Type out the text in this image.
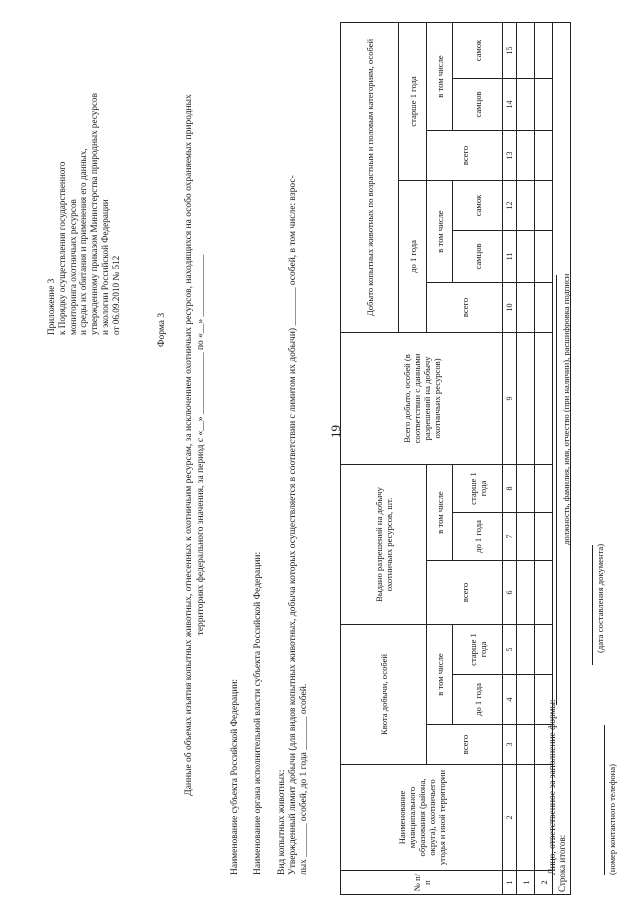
19
Приложение 3 к Порядку осуществления государственного мониторинга охотничьих ресурсов и среды их обитания и применения его данных, утвержденному приказом Министерства природных ресурсов и экологии Российской Федерации от 06.09.2010 № 512	Форма 3 Данные об объемах изъятия копытных животных, отнесенных к охотничьим ресурсам, за исключением охотничьих ресурсов, находящихся на особо охраняемых природных территориях федерального значения, за период с «__» _____________ по «__» _____________
Наименование субъекта Российской Федерации: Наименование органа исполнительной власти субъекта Российской Федерации: Вид копытных животных: Утвержденный лимит добычи (для видов копытных животных, добыча которых осуществляется в соответствии с лимитом их добычи) ________ особей, в том числе: взрос- лых _______ особей, до 1 года _______ особей.
№ п/п	Наименование муниципального образования (района, округа), охотничьего угодья и иной территории	Квота добычи, особей			Выдано разрешений на добычу охотничьих ресурсов, шт.			Всего добыто, особей (в соответствии с данными разрешений на добычу охотничьих ресурсов)	Добыто копытных животных по возрастным и половым категориям, особей					
									до 1 года			старше 1 года		
		всего	в том числе		всего	в том числе			всего	в том числе		всего	в том числе	
			до 1 года	старше 1 года		до 1 года	старше 1 года			самцов	самок		самцов	самок
1	2	3	4	5	6	7	8	9	10	11	12	13	14	15
1														
2														
Строка итогов:														
Лицо, ответственное за заполнение формы:
должность, фамилия, имя, отчество (при наличии), расшифровка подписи
(номер контактного телефона)
(дата составления документа)
